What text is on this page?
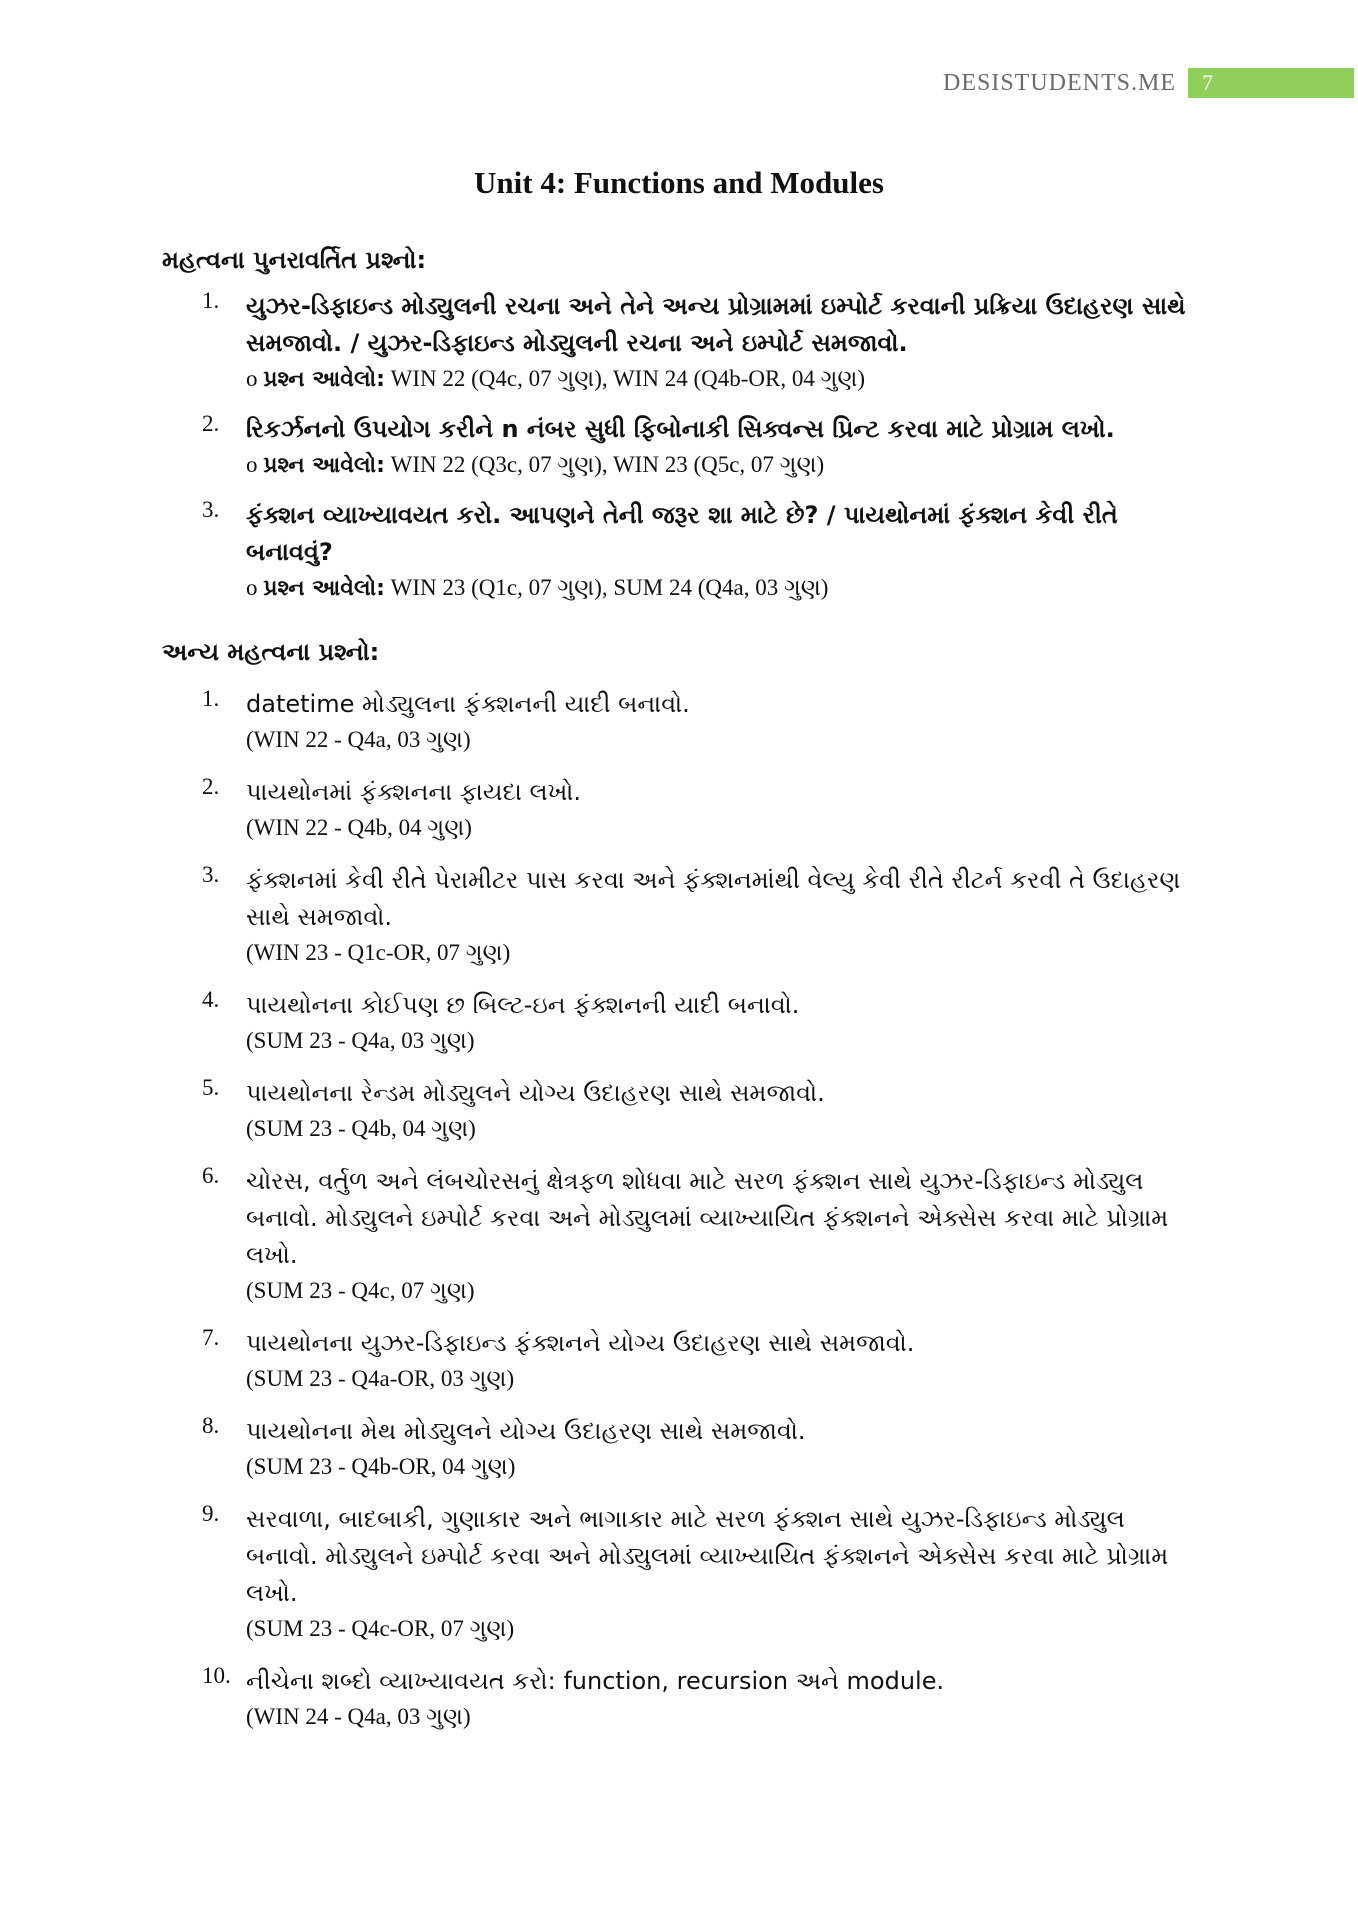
DESISTUDENTS.ME	7
Unit 4: Functions and Modules
મહત્વના પુનરાવર્તિત પ્રશ્નો:
1.	યુઝર-ડિફાઇન્ડ મોડ્યુલની રચના અને તેને અન્ય પ્રોગ્રામમાં ઇમ્પોર્ટ કરવાની પ્રક્રિયા ઉદાહરણ સાથે સમજાવો. / યુઝર-ડિફાઇન્ડ મોડ્યુલની રચના અને ઇમ્પોર્ટ સમજાવો.
o પ્રશ્ન આવેલો: WIN 22 (Q4c, 07 ગુણ), WIN 24 (Q4b-OR, 04 ગુણ)
2.	રિકર્ઝનનો ઉપયોગ કરીને n નંબર સુધી ફિબોનાકી સિક્વન્સ પ્રિન્ટ કરવા માટે પ્રોગ્રામ લખો.
o પ્રશ્ન આવેલો: WIN 22 (Q3c, 07 ગુણ), WIN 23 (Q5c, 07 ગુણ)
3.	ફંક્શન વ્યાખ્યાવયત કરો. આપણને તેની જરૂર શા માટે છે? / પાયથોનમાં ફંક્શન કેવી રીતે બનાવવું?
o પ્રશ્ન આવેલો: WIN 23 (Q1c, 07 ગુણ), SUM 24 (Q4a, 03 ગુણ)
અન્ય મહત્વના પ્રશ્નો:
1.	datetime મોડ્યુલના ફંક્શનની યાદી બનાવો.
(WIN 22 - Q4a, 03 ગુણ)
2.	પાયથોનમાં ફંક્શનના ફાયદા લખો.
(WIN 22 - Q4b, 04 ગુણ)
3.	ફંક્શનમાં કેવી રીતે પેરામીટર પાસ કરવા અને ફંક્શનમાંથી વેલ્યુ કેવી રીતે રીટર્ન કરવી તે ઉદાહરણ સાથે સમજાવો.
(WIN 23 - Q1c-OR, 07 ગુણ)
4.	પાયથોનના કોઈપણ છ બિલ્ટ-ઇન ફંક્શનની યાદી બનાવો.
(SUM 23 - Q4a, 03 ગુણ)
5.	પાયથોનના રેન્ડમ મોડ્યુલને યોગ્ય ઉદાહરણ સાથે સમજાવો.
(SUM 23 - Q4b, 04 ગુણ)
6.	ચોરસ, વર્તુળ અને લંબચોરસનું ક્ષેત્રફળ શોધવા માટે સરળ ફંક્શન સાથે યુઝર-ડિફાઇન્ડ મોડ્યુલ બનાવો. મોડ્યુલને ઇમ્પોર્ટ કરવા અને મોડ્યુલમાં વ્યાખ્યાયિત ફંક્શનને એક્સેસ કરવા માટે પ્રોગ્રામ લખો.
(SUM 23 - Q4c, 07 ગુણ)
7.	પાયથોનના યુઝર-ડિફાઇન્ડ ફંક્શનને યોગ્ય ઉદાહરણ સાથે સમજાવો.
(SUM 23 - Q4a-OR, 03 ગુણ)
8.	પાયથોનના મેથ મોડ્યુલને યોગ્ય ઉદાહરણ સાથે સમજાવો.
(SUM 23 - Q4b-OR, 04 ગુણ)
9.	સરવાળા, બાદબાકી, ગુણાકાર અને ભાગાકાર માટે સરળ ફંક્શન સાથે યુઝર-ડિફાઇન્ડ મોડ્યુલ બનાવો. મોડ્યુલને ઇમ્પોર્ટ કરવા અને મોડ્યુલમાં વ્યાખ્યાયિત ફંક્શનને એક્સેસ કરવા માટે પ્રોગ્રામ લખો.
(SUM 23 - Q4c-OR, 07 ગુણ)
10. નીચેના શબ્દો વ્યાખ્યાવયત કરો: function, recursion અને module.
(WIN 24 - Q4a, 03 ગુણ)
